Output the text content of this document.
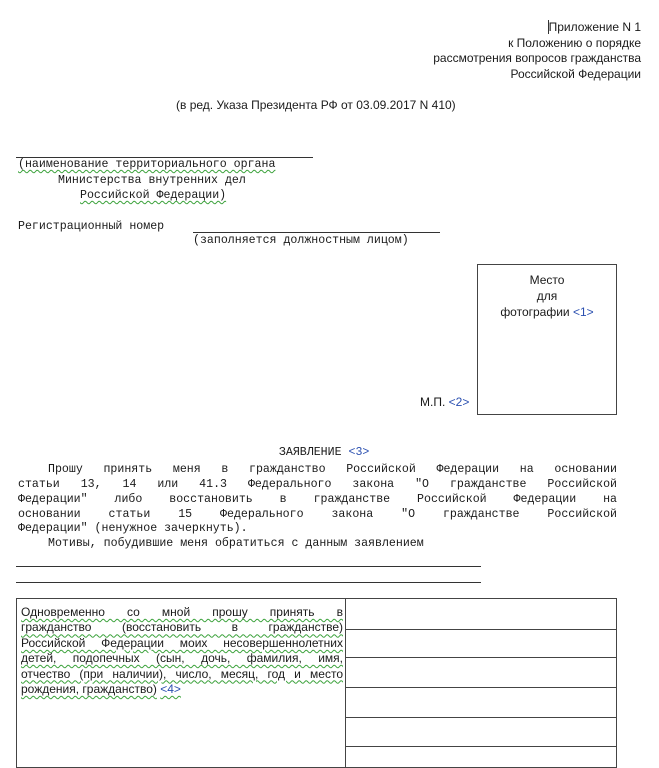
Приложение N 1
к Положению о порядке
рассмотрения вопросов гражданства
Российской Федерации
(в ред. Указа Президента РФ от 03.09.2017 N 410)
(наименование территориального органа
Министерства внутренних дел
Российской Федерации)
Регистрационный номер
(заполняется должностным лицом)
Место
для
фотографии <1>
М.П. <2>

ЗАЯВЛЕНИЕ <3>

Прошу принять меня в гражданство Российской Федерации на основании
статьи 13, 14 или 41.3 Федерального закона "О гражданстве Российской
Федерации" либо восстановить в гражданстве Российской Федерации на
основании статьи 15 Федерального закона "О гражданстве Российской
Федерации" (ненужное зачеркнуть).
Мотивы, побудившие меня обратиться с данным заявлением
Одновременно со мной прошу принять в
гражданство (восстановить в гражданстве)
Российской Федерации моих несовершеннолетних
детей, подопечных (сын, дочь, фамилия, имя,
отчество (при наличии), число, месяц, год и место
рождения, гражданство) <4>
